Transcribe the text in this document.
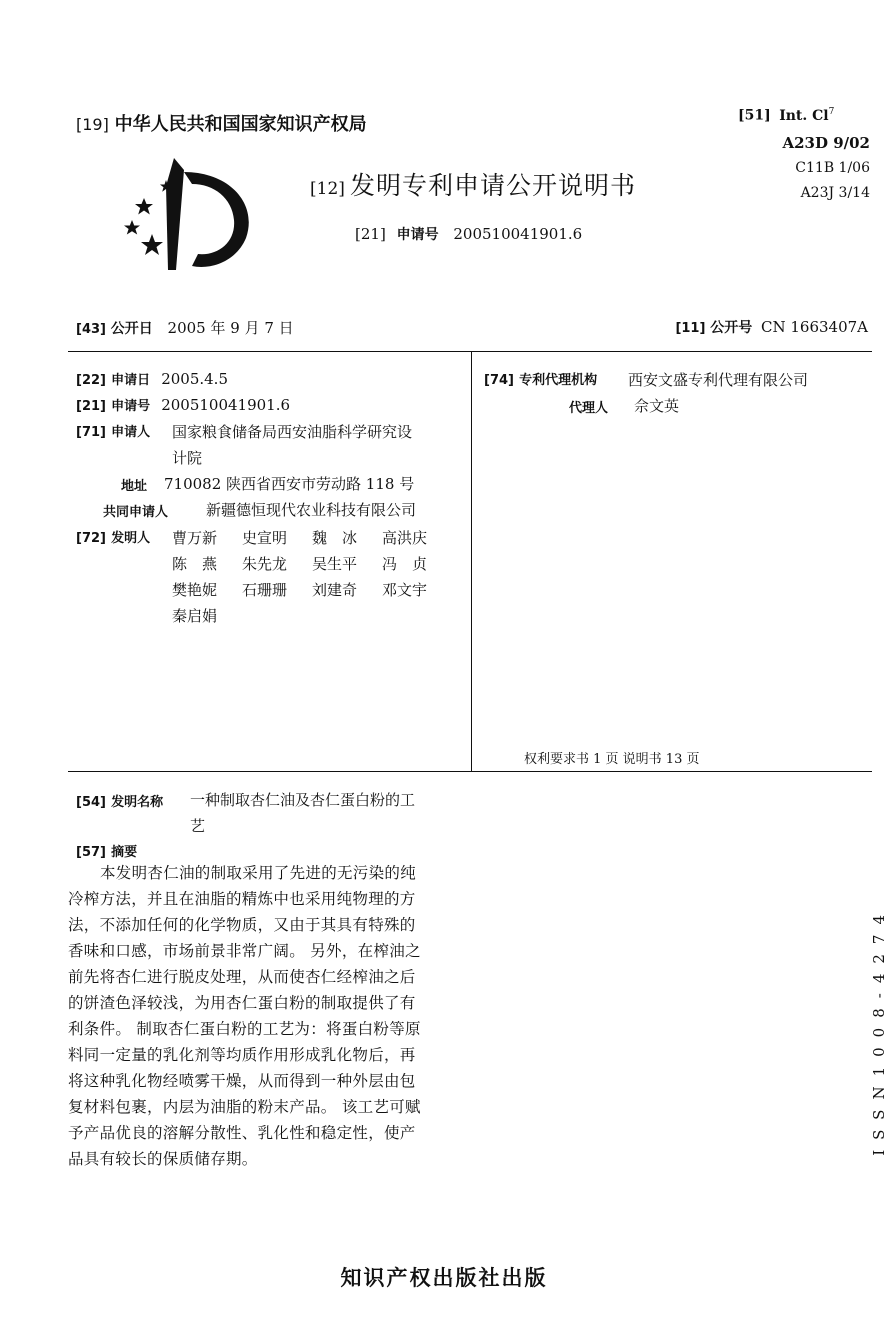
[19] 中华人民共和国国家知识产权局
[12] 发明专利申请公开说明书
[21] 申请号 200510041901.6
[51] Int. Cl$^7$
A23D 9/02
C11B 1/06
A23J 3/14
[43] 公开日 2005 年 9 月 7 日	[11] 公开号 CN 1663407A
[22] 申请日 2005.4.5
[21] 申请号 200510041901.6
[71] 申请人 国家粮食储备局西安油脂科学研究设
计院
地址 710082 陕西省西安市劳动路 118 号
共同申请人	新疆德恒现代农业科技有限公司
[72] 发明人 曹万新 史宣明 魏　冰 高洪庆
陈　燕 朱先龙 吴生平 冯　贞
樊艳妮 石珊珊 刘建奇 邓文宇
秦启娟
[74] 专利代理机构 西安文盛专利代理有限公司
代理人 佘文英
权利要求书 1 页 说明书 13 页
[54] 发明名称 一种制取杏仁油及杏仁蛋白粉的工
艺
[57] 摘要
本发明杏仁油的制取采用了先进的无污染的纯
冷榨方法，并且在油脂的精炼中也采用纯物理的方
法，不添加任何的化学物质，又由于其具有特殊的
香味和口感，市场前景非常广阔。 另外，在榨油之
前先将杏仁进行脱皮处理，从而使杏仁经榨油之后
的饼渣色泽较浅，为用杏仁蛋白粉的制取提供了有
利条件。 制取杏仁蛋白粉的工艺为：将蛋白粉等原
料同一定量的乳化剂等均质作用形成乳化物后，再
将这种乳化物经喷雾干燥，从而得到一种外层由包
复材料包裹，内层为油脂的粉末产品。 该工艺可赋
予产品优良的溶解分散性、乳化性和稳定性，使产
品具有较长的保质储存期。
ISSN1008-4274
知识产权出版社出版
